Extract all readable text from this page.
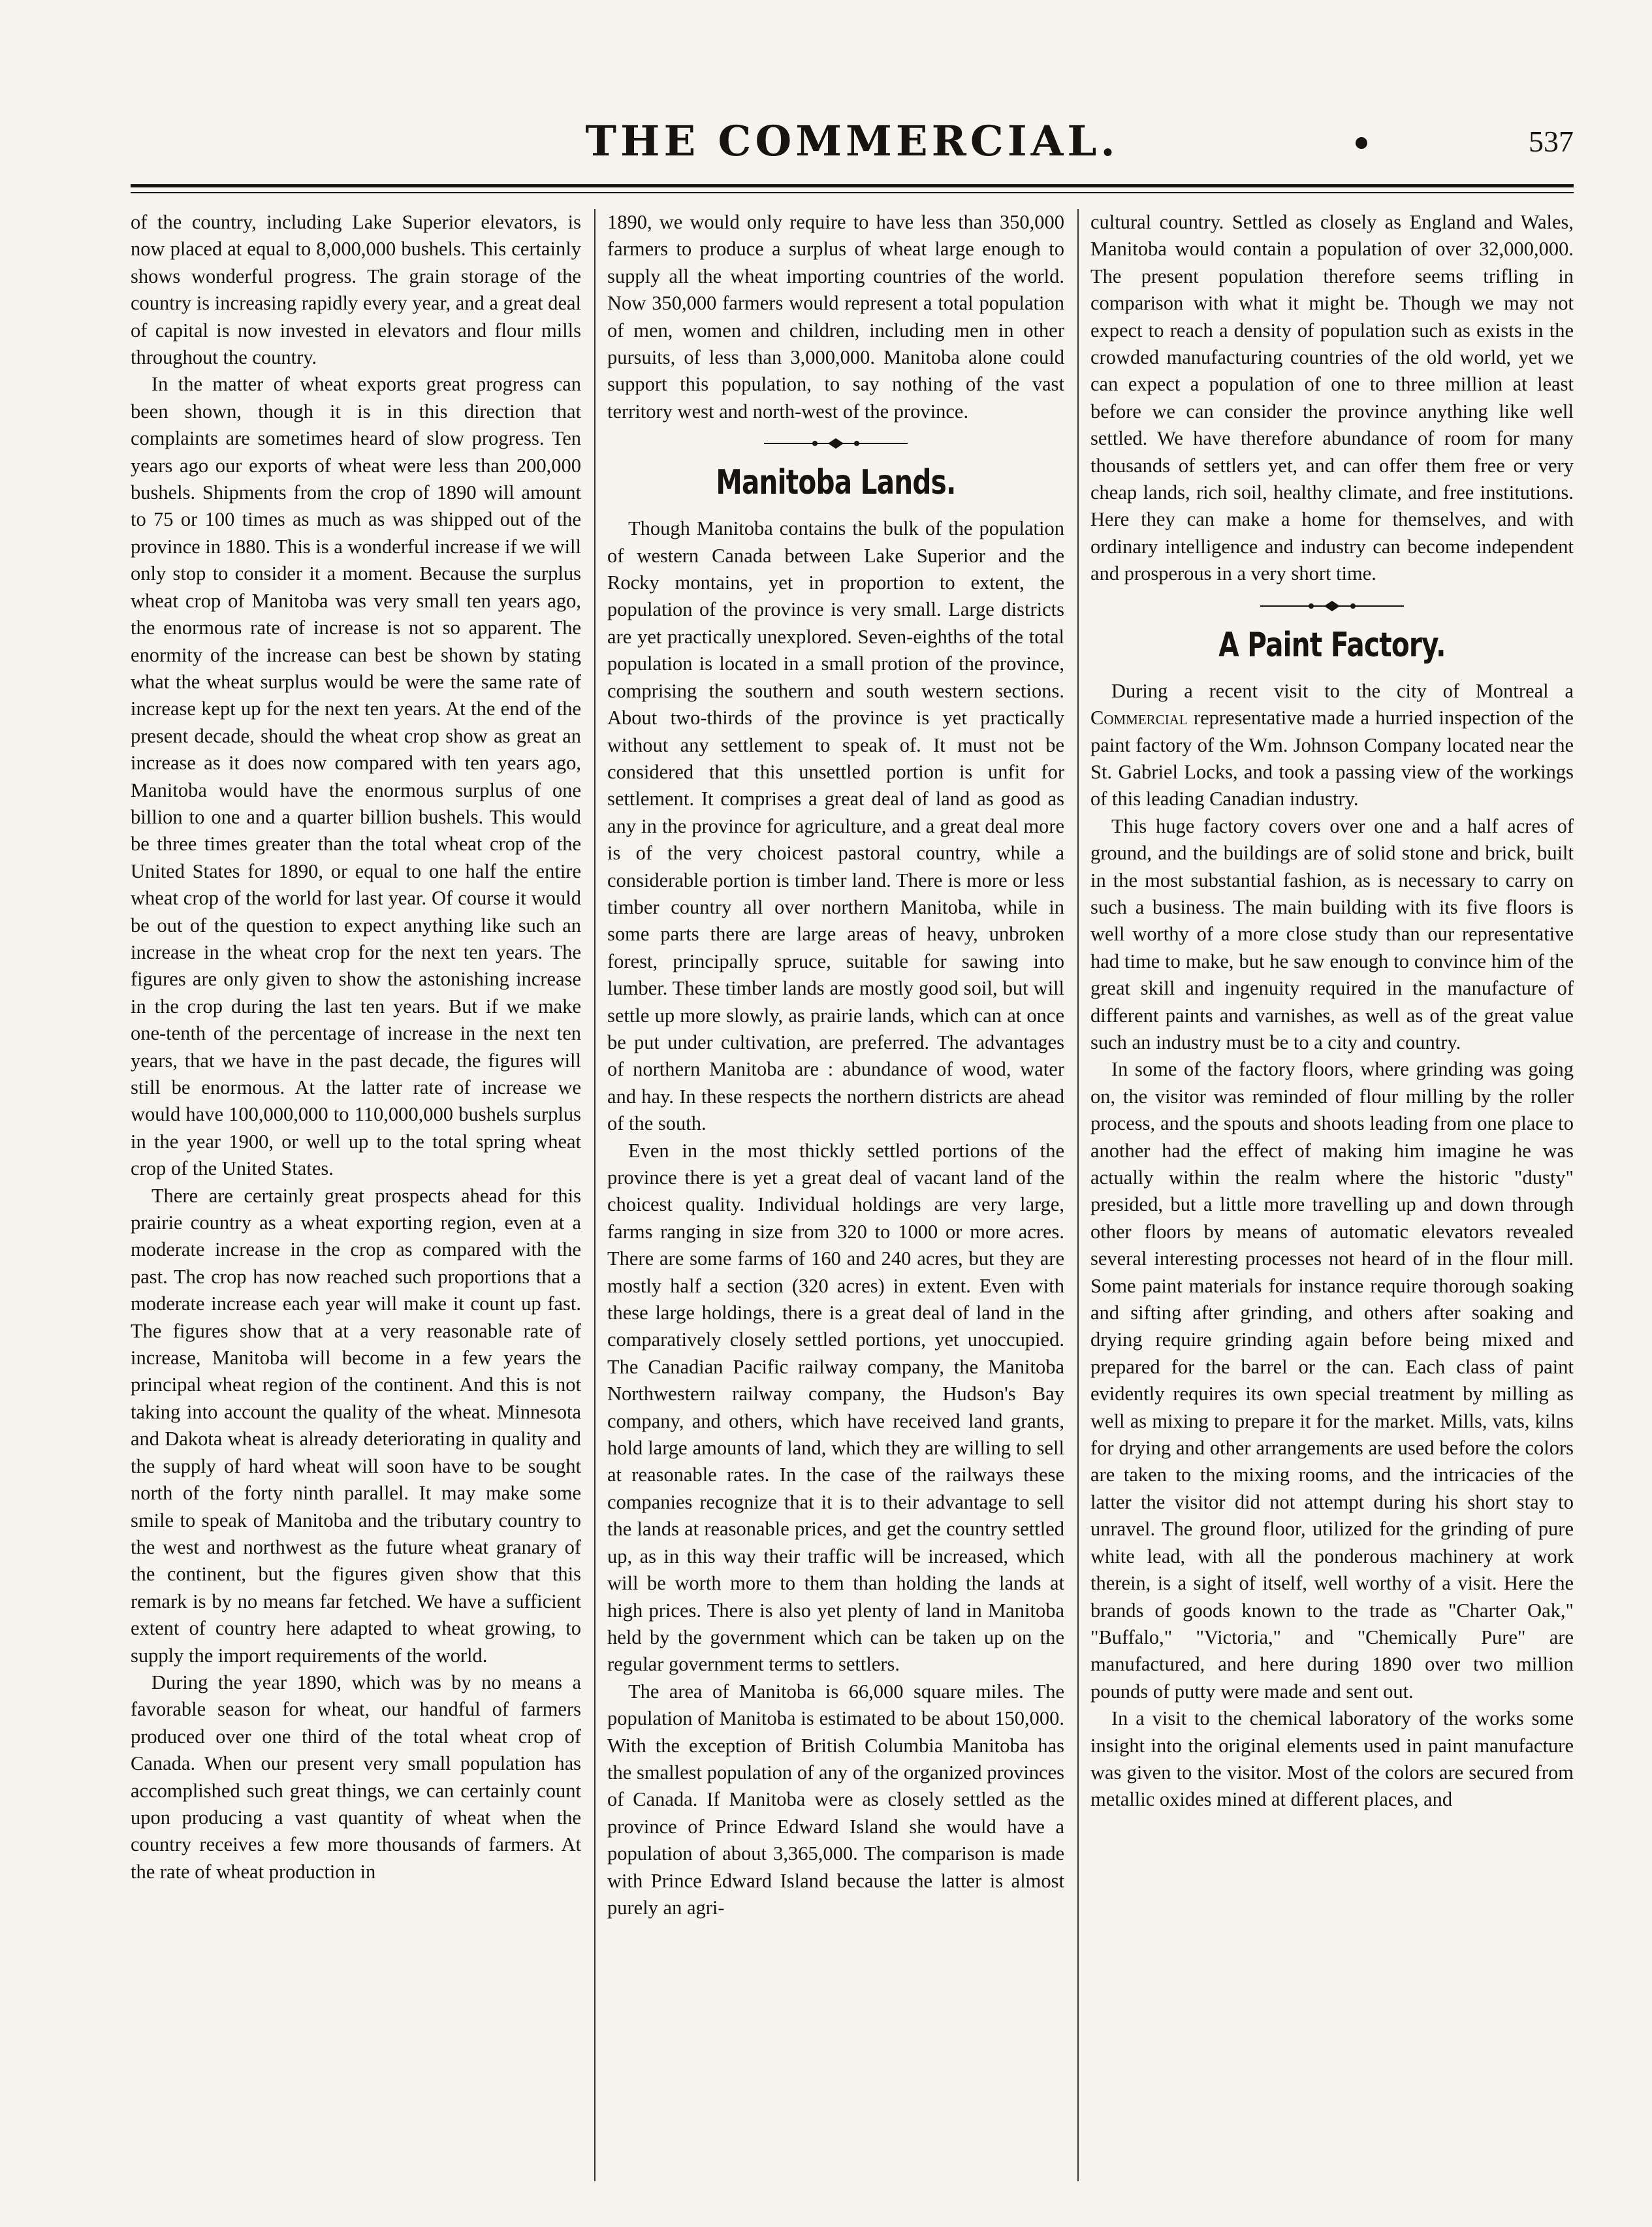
THE COMMERCIAL.	537

of the country, including Lake Superior elevators, is now placed at equal to 8,000,000 bushels. This certainly shows wonderful progress. The grain storage of the country is increasing rapidly every year, and a great deal of capital is now invested in elevators and flour mills throughout the country.

In the matter of wheat exports great progress can been shown, though it is in this direction that complaints are sometimes heard of slow progress. Ten years ago our exports of wheat were less than 200,000 bushels. Shipments from the crop of 1890 will amount to 75 or 100 times as much as was shipped out of the province in 1880. This is a wonderful increase if we will only stop to consider it a moment. Because the surplus wheat crop of Manitoba was very small ten years ago, the enormous rate of increase is not so apparent. The enormity of the increase can best be shown by stating what the wheat surplus would be were the same rate of increase kept up for the next ten years. At the end of the present decade, should the wheat crop show as great an increase as it does now compared with ten years ago, Manitoba would have the enormous surplus of one billion to one and a quarter billion bushels. This would be three times greater than the total wheat crop of the United States for 1890, or equal to one half the entire wheat crop of the world for last year. Of course it would be out of the question to expect anything like such an increase in the wheat crop for the next ten years. The figures are only given to show the astonishing increase in the crop during the last ten years. But if we make one-tenth of the percentage of increase in the next ten years, that we have in the past decade, the figures will still be enormous. At the latter rate of increase we would have 100,000,000 to 110,000,000 bushels surplus in the year 1900, or well up to the total spring wheat crop of the United States.

There are certainly great prospects ahead for this prairie country as a wheat exporting region, even at a moderate increase in the crop as compared with the past. The crop has now reached such proportions that a moderate increase each year will make it count up fast. The figures show that at a very reasonable rate of increase, Manitoba will become in a few years the principal wheat region of the continent. And this is not taking into account the quality of the wheat. Minnesota and Dakota wheat is already deteriorating in quality and the supply of hard wheat will soon have to be sought north of the forty ninth parallel. It may make some smile to speak of Manitoba and the tributary country to the west and northwest as the future wheat granary of the continent, but the figures given show that this remark is by no means far fetched. We have a sufficient extent of country here adapted to wheat growing, to supply the import requirements of the world.

During the year 1890, which was by no means a favorable season for wheat, our handful of farmers produced over one third of the total wheat crop of Canada. When our present very small population has accomplished such great things, we can certainly count upon producing a vast quantity of wheat when the country receives a few more thousands of farmers. At the rate of wheat production in

1890, we would only require to have less than 350,000 farmers to produce a surplus of wheat large enough to supply all the wheat importing countries of the world. Now 350,000 farmers would represent a total population of men, women and children, including men in other pursuits, of less than 3,000,000. Manitoba alone could support this population, to say nothing of the vast territory west and north-west of the province.

Manitoba Lands.

Though Manitoba contains the bulk of the population of western Canada between Lake Superior and the Rocky montains, yet in proportion to extent, the population of the province is very small. Large districts are yet practically unexplored. Seven-eighths of the total population is located in a small protion of the province, comprising the southern and south western sections. About two-thirds of the province is yet practically without any settlement to speak of. It must not be considered that this unsettled portion is unfit for settlement. It comprises a great deal of land as good as any in the province for agriculture, and a great deal more is of the very choicest pastoral country, while a considerable portion is timber land. There is more or less timber country all over northern Manitoba, while in some parts there are large areas of heavy, unbroken forest, principally spruce, suitable for sawing into lumber. These timber lands are mostly good soil, but will settle up more slowly, as prairie lands, which can at once be put under cultivation, are preferred. The advantages of northern Manitoba are : abundance of wood, water and hay. In these respects the northern districts are ahead of the south.

Even in the most thickly settled portions of the province there is yet a great deal of vacant land of the choicest quality. Individual holdings are very large, farms ranging in size from 320 to 1000 or more acres. There are some farms of 160 and 240 acres, but they are mostly half a section (320 acres) in extent. Even with these large holdings, there is a great deal of land in the comparatively closely settled portions, yet unoccupied. The Canadian Pacific railway company, the Manitoba Northwestern railway company, the Hudson's Bay company, and others, which have received land grants, hold large amounts of land, which they are willing to sell at reasonable rates. In the case of the railways these companies recognize that it is to their advantage to sell the lands at reasonable prices, and get the country settled up, as in this way their traffic will be increased, which will be worth more to them than holding the lands at high prices. There is also yet plenty of land in Manitoba held by the government which can be taken up on the regular government terms to settlers.

The area of Manitoba is 66,000 square miles. The population of Manitoba is estimated to be about 150,000. With the exception of British Columbia Manitoba has the smallest population of any of the organized provinces of Canada. If Manitoba were as closely settled as the province of Prince Edward Island she would have a population of about 3,365,000. The comparison is made with Prince Edward Island because the latter is almost purely an agri-

cultural country. Settled as closely as England and Wales, Manitoba would contain a population of over 32,000,000. The present population therefore seems trifling in comparison with what it might be. Though we may not expect to reach a density of population such as exists in the crowded manufacturing countries of the old world, yet we can expect a population of one to three million at least before we can consider the province anything like well settled. We have therefore abundance of room for many thousands of settlers yet, and can offer them free or very cheap lands, rich soil, healthy climate, and free institutions. Here they can make a home for themselves, and with ordinary intelligence and industry can become independent and prosperous in a very short time.

A Paint Factory.

During a recent visit to the city of Montreal a Commercial representative made a hurried inspection of the paint factory of the Wm. Johnson Company located near the St. Gabriel Locks, and took a passing view of the workings of this leading Canadian industry.

This huge factory covers over one and a half acres of ground, and the buildings are of solid stone and brick, built in the most substantial fashion, as is necessary to carry on such a business. The main building with its five floors is well worthy of a more close study than our representative had time to make, but he saw enough to convince him of the great skill and ingenuity required in the manufacture of different paints and varnishes, as well as of the great value such an industry must be to a city and country.

In some of the factory floors, where grinding was going on, the visitor was reminded of flour milling by the roller process, and the spouts and shoots leading from one place to another had the effect of making him imagine he was actually within the realm where the historic "dusty" presided, but a little more travelling up and down through other floors by means of automatic elevators revealed several interesting processes not heard of in the flour mill. Some paint materials for instance require thorough soaking and sifting after grinding, and others after soaking and drying require grinding again before being mixed and prepared for the barrel or the can. Each class of paint evidently requires its own special treatment by milling as well as mixing to prepare it for the market. Mills, vats, kilns for drying and other arrangements are used before the colors are taken to the mixing rooms, and the intricacies of the latter the visitor did not attempt during his short stay to unravel. The ground floor, utilized for the grinding of pure white lead, with all the ponderous machinery at work therein, is a sight of itself, well worthy of a visit. Here the brands of goods known to the trade as "Charter Oak," "Buffalo," "Victoria," and "Chemically Pure" are manufactured, and here during 1890 over two million pounds of putty were made and sent out.

In a visit to the chemical laboratory of the works some insight into the original elements used in paint manufacture was given to the visitor. Most of the colors are secured from metallic oxides mined at different places, and
